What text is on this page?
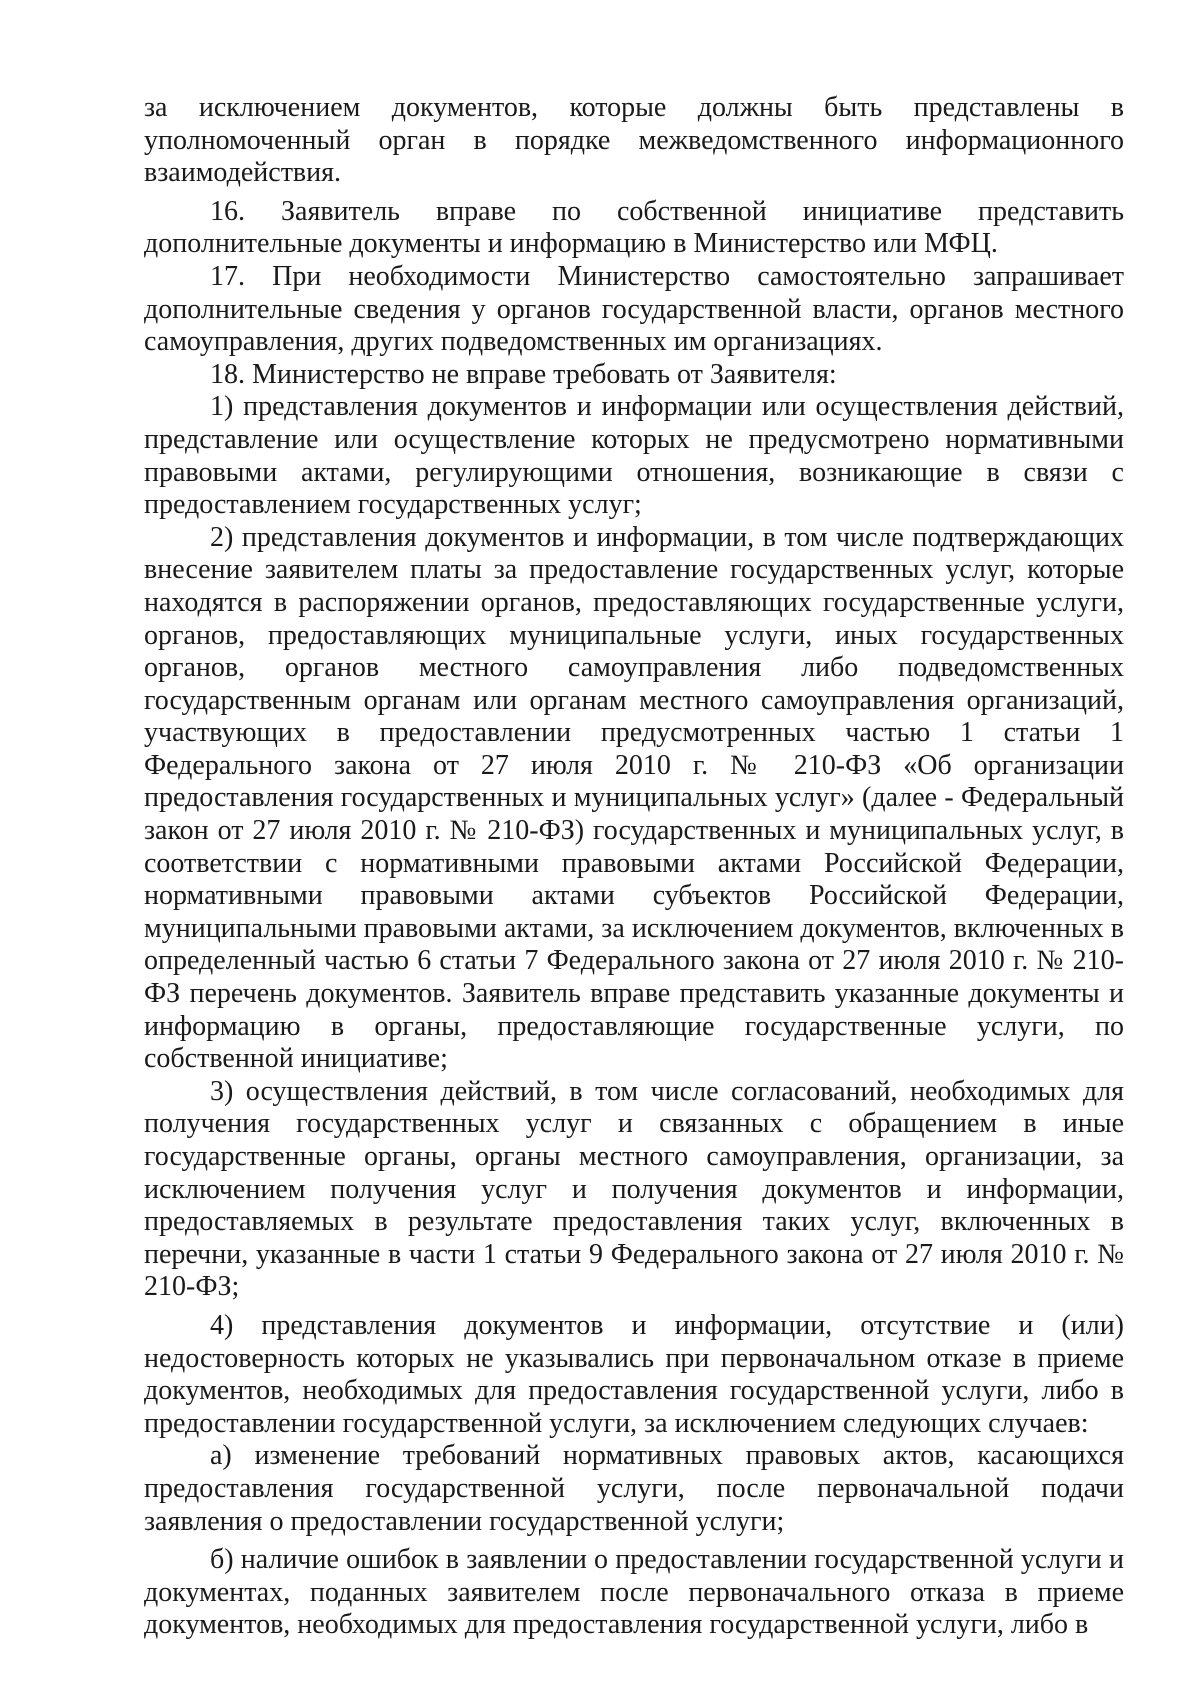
за исключением документов, которые должны быть представлены в уполномоченный орган в порядке межведомственного информационного взаимодействия.

16. Заявитель вправе по собственной инициативе представить дополнительные документы и информацию в Министерство или МФЦ.

17. При необходимости Министерство самостоятельно запрашивает дополнительные сведения у органов государственной власти, органов местного самоуправления, других подведомственных им организациях.

18. Министерство не вправе требовать от Заявителя:

1) представления документов и информации или осуществления действий, представление или осуществление которых не предусмотрено нормативными правовыми актами, регулирующими отношения, возникающие в связи с предоставлением государственных услуг;

2) представления документов и информации, в том числе подтверждающих внесение заявителем платы за предоставление государственных услуг, которые находятся в распоряжении органов, предоставляющих государственные услуги, органов, предоставляющих муниципальные услуги, иных государственных органов, органов местного самоуправления либо подведомственных государственным органам или органам местного самоуправления организаций, участвующих в предоставлении предусмотренных частью 1 статьи 1 Федерального закона от 27 июля 2010 г. № 210-ФЗ «Об организации предоставления государственных и муниципальных услуг» (далее - Федеральный закон от 27 июля 2010 г. № 210-ФЗ) государственных и муниципальных услуг, в соответствии с нормативными правовыми актами Российской Федерации, нормативными правовыми актами субъектов Российской Федерации, муниципальными правовыми актами, за исключением документов, включенных в определенный частью 6 статьи 7 Федерального закона от 27 июля 2010 г. № 210-ФЗ перечень документов. Заявитель вправе представить указанные документы и информацию в органы, предоставляющие государственные услуги, по собственной инициативе;

3) осуществления действий, в том числе согласований, необходимых для получения государственных услуг и связанных с обращением в иные государственные органы, органы местного самоуправления, организации, за исключением получения услуг и получения документов и информации, предоставляемых в результате предоставления таких услуг, включенных в перечни, указанные в части 1 статьи 9 Федерального закона от 27 июля 2010 г. № 210-ФЗ;

4) представления документов и информации, отсутствие и (или) недостоверность которых не указывались при первоначальном отказе в приеме документов, необходимых для предоставления государственной услуги, либо в предоставлении государственной услуги, за исключением следующих случаев:

а) изменение требований нормативных правовых актов, касающихся предоставления государственной услуги, после первоначальной подачи заявления о предоставлении государственной услуги;

б) наличие ошибок в заявлении о предоставлении государственной услуги и документах, поданных заявителем после первоначального отказа в приеме документов, необходимых для предоставления государственной услуги, либо в
